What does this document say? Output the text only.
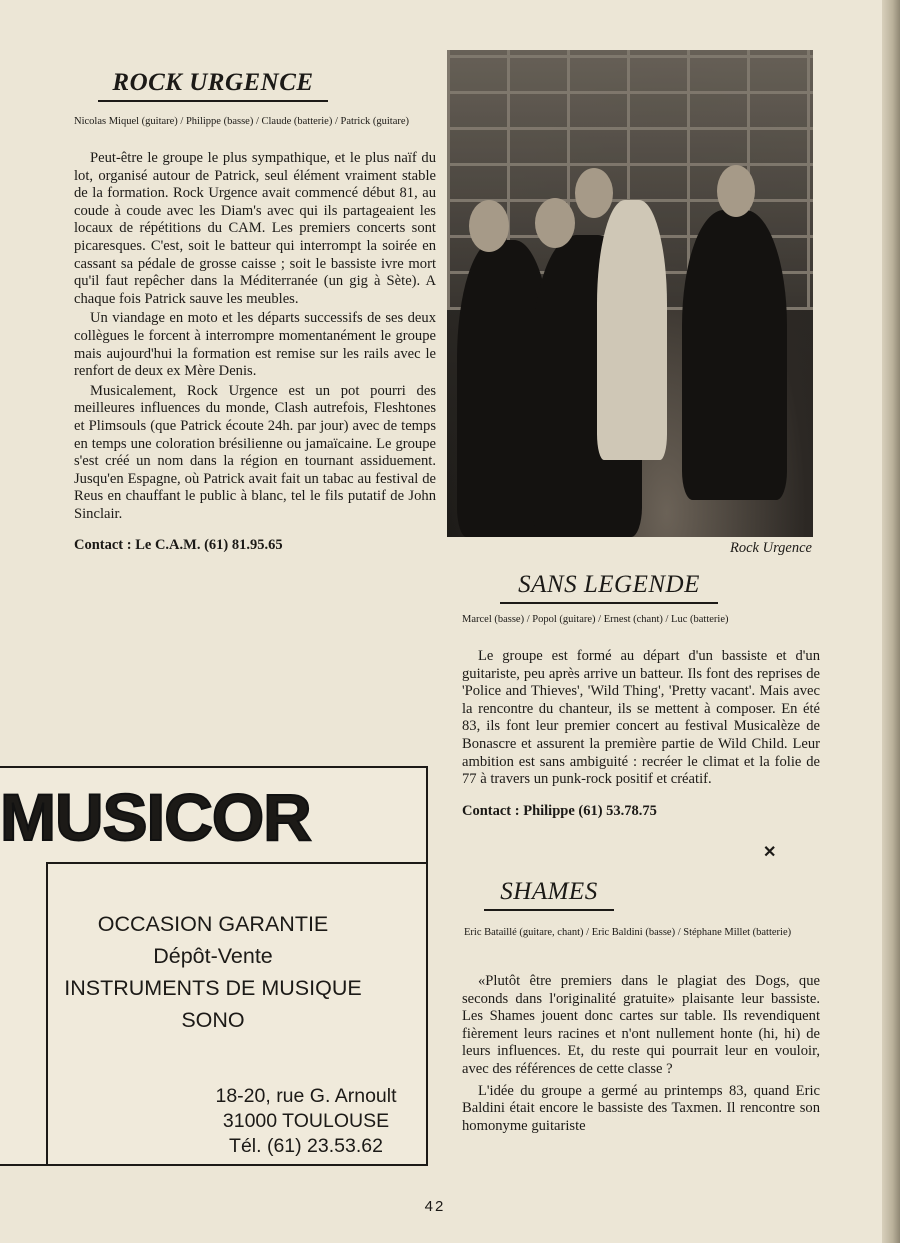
ROCK URGENCE

Nicolas Miquel (guitare) / Philippe (basse) / Claude (batterie) / Patrick (guitare)

Peut-être le groupe le plus sympathique, et le plus naïf du lot, organisé autour de Patrick, seul élément vraiment stable de la formation. Rock Urgence avait commencé début 81, au coude à coude avec les Diam's avec qui ils partageaient les locaux de répétitions du CAM. Les premiers concerts sont picaresques. C'est, soit le batteur qui interrompt la soirée en cassant sa pédale de grosse caisse ; soit le bassiste ivre mort qu'il faut repêcher dans la Méditerranée (un gig à Sète). A chaque fois Patrick sauve les meubles.

Un viandage en moto et les départs successifs de ses deux collègues le forcent à interrompre momentanément le groupe mais aujourd'hui la formation est remise sur les rails avec le renfort de deux ex Mère Denis.

Musicalement, Rock Urgence est un pot pourri des meilleures influences du monde, Clash autrefois, Fleshtones et Plimsouls (que Patrick écoute 24h. par jour) avec de temps en temps une coloration brésilienne ou jamaïcaine. Le groupe s'est créé un nom dans la région en tournant assiduement. Jusqu'en Espagne, où Patrick avait fait un tabac au festival de Reus en chauffant le public à blanc, tel le fils putatif de John Sinclair.

Contact : Le C.A.M. (61) 81.95.65	Rock Urgence

SANS LEGENDE

Marcel (basse) / Popol (guitare) / Ernest (chant) / Luc (batterie)

Le groupe est formé au départ d'un bassiste et d'un guitariste, peu après arrive un batteur. Ils font des reprises de 'Police and Thieves', 'Wild Thing', 'Pretty vacant'. Mais avec la rencontre du chanteur, ils se mettent à composer. En été 83, ils font leur premier concert au festival Musicalèze de Bonascre et assurent la première partie de Wild Child. Leur ambition est sans ambiguité : recréer le climat et la folie de 77 à travers un punk-rock positif et créatif.

Contact : Philippe (61) 53.78.75

✕
SHAMES

Eric Bataillé (guitare, chant) / Eric Baldini (basse) / Stéphane Millet (batterie)

«Plutôt être premiers dans le plagiat des Dogs, que seconds dans l'originalité gratuite» plaisante leur bassiste. Les Shames jouent donc cartes sur table. Ils revendiquent fièrement leurs racines et n'ont nullement honte (hi, hi) de leurs influences. Et, du reste qui pourrait leur en vouloir, avec des références de cette classe ?

L'idée du groupe a germé au printemps 83, quand Eric Baldini était encore le bassiste des Taxmen. Il rencontre son homonyme guitariste

MUSICOR
OCCASION GARANTIE
Dépôt-Vente
INSTRUMENTS DE MUSIQUE
SONO
18-20, rue G. Arnoult
31000 TOULOUSE
Tél. (61) 23.53.62
42
